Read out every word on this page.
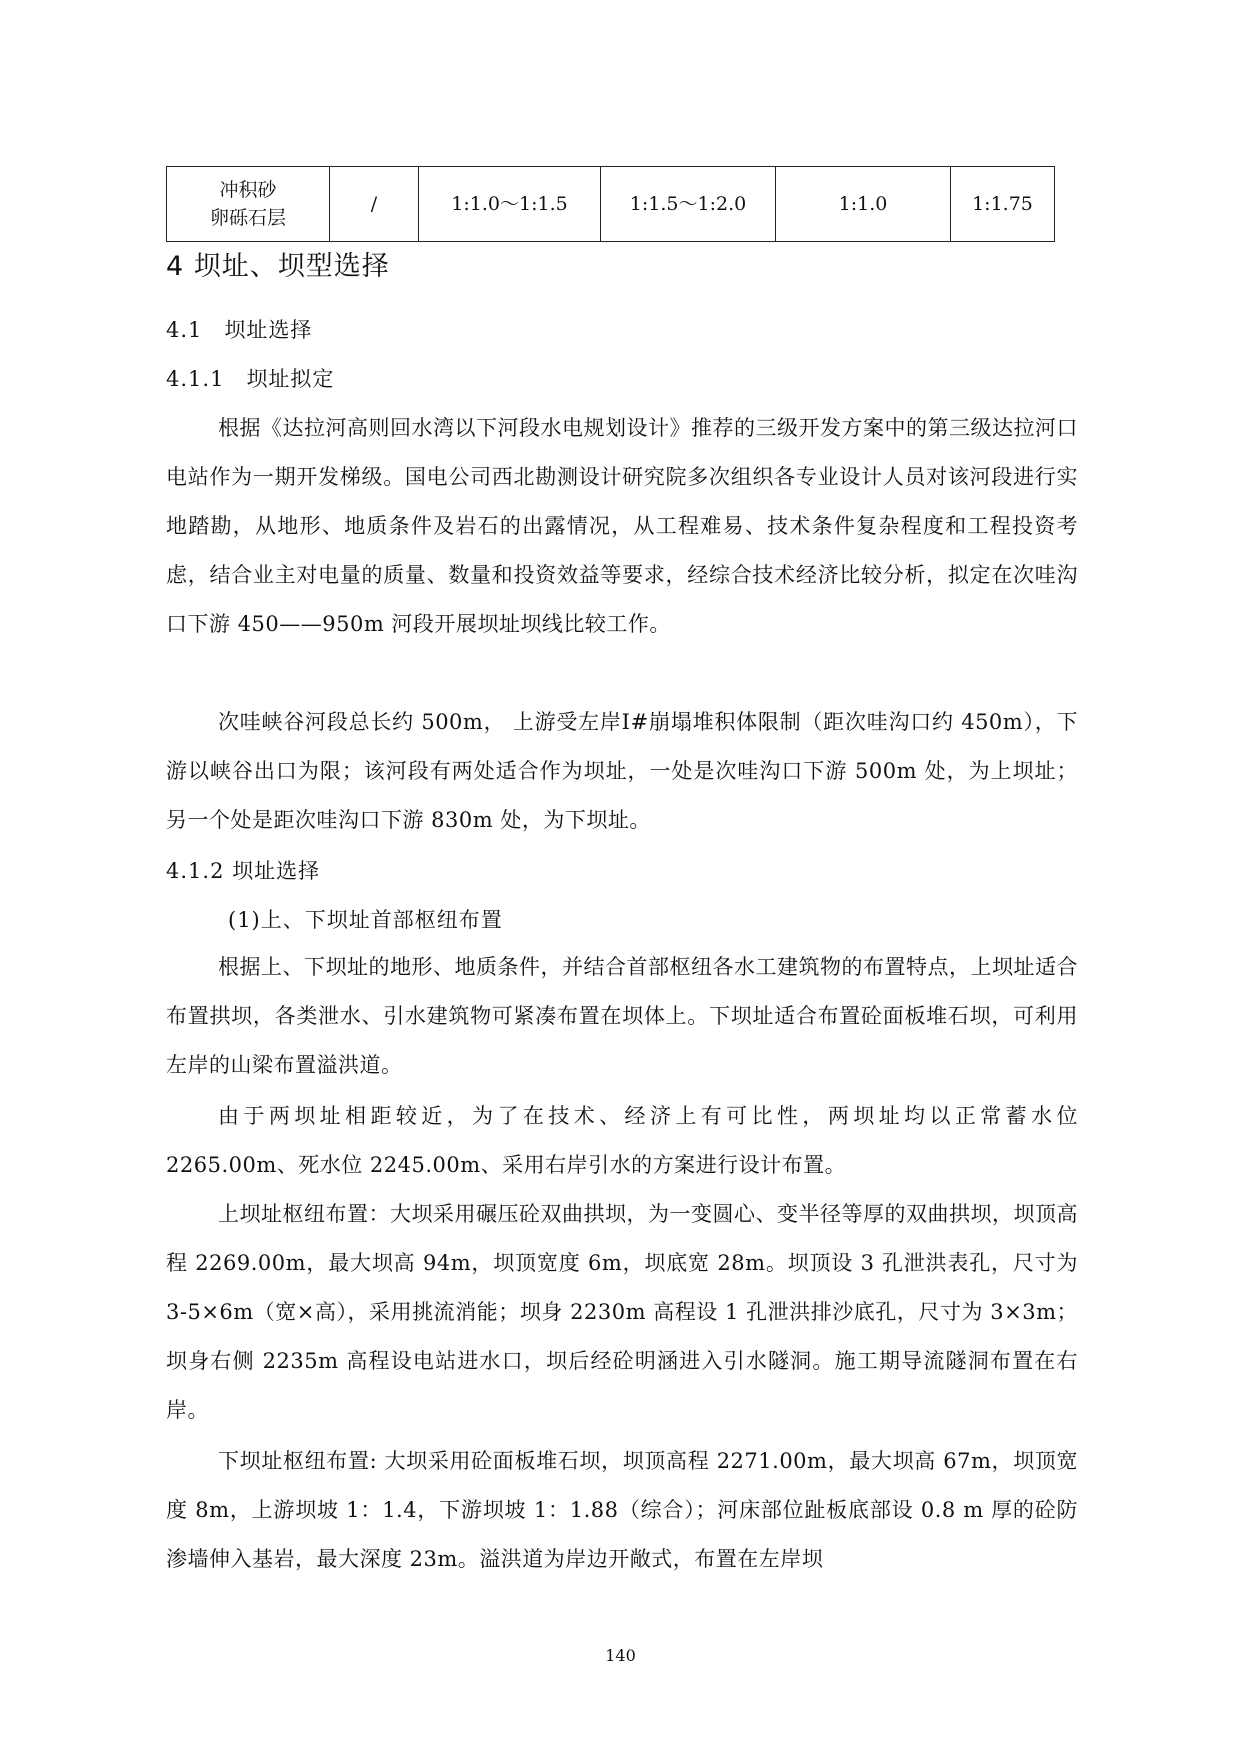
冲积砂
卵砾石层
	/	1:1.0～1:1.5	1:1.5～1:2.0	1:1.0	1:1.75
4 坝址、坝型选择
4.1 坝址选择
4.1.1 坝址拟定

根据《达拉河高则回水湾以下河段水电规划设计》推荐的三级开发方案中的第三级达拉河口电站作为一期开发梯级。国电公司西北勘测设计研究院多次组织各专业设计人员对该河段进行实地踏勘，从地形、地质条件及岩石的出露情况，从工程难易、技术条件复杂程度和工程投资考虑，结合业主对电量的质量、数量和投资效益等要求，经综合技术经济比较分析，拟定在次哇沟口下游 450——950m 河段开展坝址坝线比较工作。

次哇峡谷河段总长约 500m， 上游受左岸Ⅰ#崩塌堆积体限制（距次哇沟口约 450m），下游以峡谷出口为限；该河段有两处适合作为坝址，一处是次哇沟口下游 500m 处，为上坝址；另一个处是距次哇沟口下游 830m 处，为下坝址。

4.1.2 坝址选择
(1)上、下坝址首部枢纽布置

根据上、下坝址的地形、地质条件，并结合首部枢纽各水工建筑物的布置特点，上坝址适合布置拱坝，各类泄水、引水建筑物可紧凑布置在坝体上。下坝址适合布置砼面板堆石坝，可利用左岸的山梁布置溢洪道。

由于两坝址相距较近，为了在技术、经济上有可比性，两坝址均以正常蓄水位 2265.00m、死水位 2245.00m、采用右岸引水的方案进行设计布置。

上坝址枢纽布置：大坝采用碾压砼双曲拱坝，为一变圆心、变半径等厚的双曲拱坝，坝顶高程 2269.00m，最大坝高 94m，坝顶宽度 6m，坝底宽 28m。坝顶设 3 孔泄洪表孔，尺寸为 3-5×6m（宽×高），采用挑流消能；坝身 2230m 高程设 1 孔泄洪排沙底孔，尺寸为 3×3m；坝身右侧 2235m 高程设电站进水口，坝后经砼明涵进入引水隧洞。施工期导流隧洞布置在右岸。

下坝址枢纽布置: 大坝采用砼面板堆石坝，坝顶高程 2271.00m，最大坝高 67m，坝顶宽度 8m，上游坝坡 1：1.4，下游坝坡 1：1.88（综合）；河床部位趾板底部设 0.8 m 厚的砼防渗墙伸入基岩，最大深度 23m。溢洪道为岸边开敞式，布置在左岸坝

140
